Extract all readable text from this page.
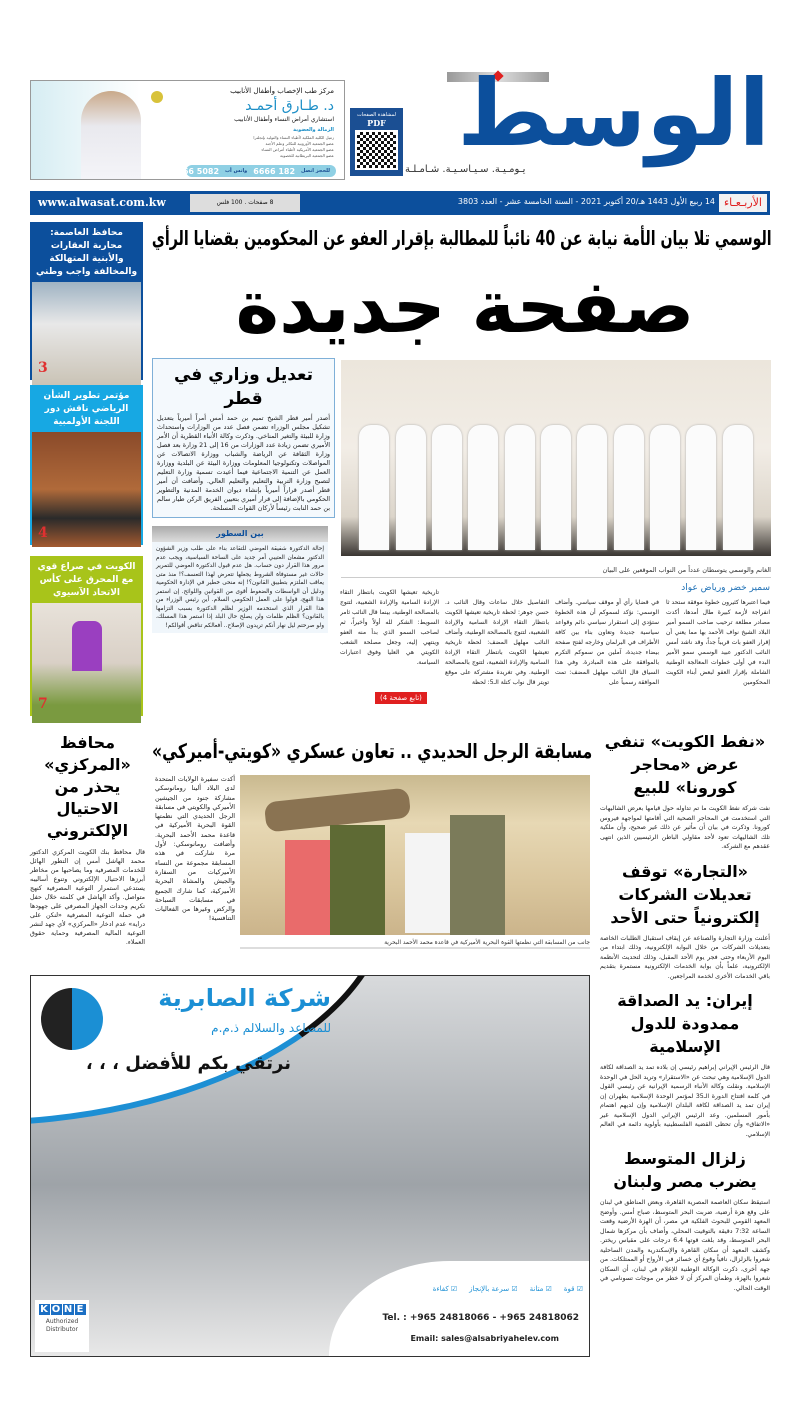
مركز طب الإخصاب وأطفال الأنابيب
د. طـارق أحمـد
استشاري أمراض النساء وأطفال الأنابيب
الزمالة والعضوية
زميل الكلية الملكية لأطباء النساء والتوليد بإنجلترا
عضو الجمعية الأوروبية للتكاثر وعلم الأجنة
عضو الجمعية الأمريكية لأطباء أمراض النساء
عضو الجمعية البريطانية للخصوبة
للحجز اتصل
182 6666
واتس أب
5082 6666
لمشاهدة الصفحات
PDF الوسط
يـومـيـة. سـيـاسـيـة. شـامـلـة
www.alwasat.com.kw	8 صفحات . 100 فلس	14 ربيع الأول 1443 هـ/20 أكتوبر 2021 - السنة الخامسة عشر - العدد 3803 الأربـعـاء
الوسمي تلا بيان الأمة نيابة عن 40 نائباً للمطالبة بإقرار العفو عن المحكومين بقضايا الرأي
صفحة جديدة
محافظ العاصمة: محاربة العقارات والأبنية المتهالكة والمخالفة واجب وطني
3
مؤتمر تطوير الشأن الرياضي ناقش دور اللجنة الأولمبية
4
الكويت في صراع قوي مع المحرق على كأس الاتحاد الآسيوي
7
تعديل وزاري في قطر
أصدر أمير قطر الشيخ تميم بن حمد أمس أمراً أميرياً بتعديل تشكيل مجلس الوزراء تضمن فصل عدد من الوزارات واستحداث وزارة للبيئة والتغير المناخي. وذكرت وكالة الأنباء القطرية أن الأمر الأميري تضمن زيادة عدد الوزارات من 16 إلى 21 وزارة بعد فصل وزارة الثقافة عن الرياضة والشباب ووزارة الاتصالات عن المواصلات وتكنولوجيا المعلومات ووزارة البيئة عن البلدية ووزارة العمل عن التنمية الاجتماعية فيما أعيدت تسمية وزارة التعليم لتصبح وزارة التربية والتعليم والتعليم العالي. وأضافت أن أمير قطر أصدر قراراً أميرياً بإنشاء ديوان الخدمة المدنية والتطوير الحكومي بالإضافة إلى قرار أميري بتعيين الفريق الركن طيار سالم بن حمد النابت رئيساً لأركان القوات المسلحة.
بين السطور
إحالة الدكتورة شفيقة العوضي للتقاعد بناء على طلب وزير الشؤون الدكتور مشعان العتيبي أمر جديد على الساحة السياسية، ويجب عدم مرور هذا القرار دون حساب. هل عدم قبول الدكتورة العوضي للتمرير حالات غير مستوفاة الشروط يجعلها تتعرض لهذا التعسف؟! منذ متى يعاقب الملتزم بتطبيق القانون؟! إنه منحى خطير في الإدارة الحكومية ودليل أن الواسطات والضغوط أقوى من القوانين واللوائح. إن استمر هذا النهج، قولوا على العمل الحكومي السلام. أين رئيس الوزراء من هذا القرار الذي استخدمه الوزير لظلم الدكتورة بسبب التزامها بالقانون؟ الظلم ظلمات ولن يصلح حال البلد إذا استمر هذا المسلك، ولو صرحتم ليل نهار أنكم تريدون الإصلاح.. أفعالكم تناقض أقوالكم!
الغانم والوسمي يتوسطان عدداً من النواب الموقعين على البيان
سمير خضر ورياض عواد
فيما اعتبرها كثيرون خطوة موفقة ستحد ثا انفراجة لأزمة كبيرة طال أمدها، أكدت مصادر مطلعة ترحيب صاحب السمو أمير البلاد الشيخ نواف الأحمد بها مما يعني أن إقرار العفو بات قريباً جداً، وقد ناشد أمس النائب الدكتور عبيد الوسمي سمو الأمير البدء في أولى خطوات المعالجة الوطنية الشاملة بإقرار العفو لبعض أبناء الكويت المحكومين
في قضايا رأي أو موقف سياسي. وأضاف الوسمي: نؤكد لسموكم أن هذه الخطوة ستؤدي إلى استقرار سياسي دائم وقواعد سياسية جديدة وتعاون بناء بين كافة الأطراف في البرلمان وخارجه لفتح صفحة بيضاء جديدة، آملين من سموكم التكرم بالموافقة على هذه المبادرة. وفي هذا السياق قال النائب مهلهل المضف: تمت الموافقة رسمياً على
التفاصيل خلال ساعات وقال النائب د. حسن جوهر: لحظة تاريخية تعيشها الكويت بانتظار التقاء الإرادة السامية والإرادة الشعبية، لتتوج بالمصالحة الوطنية، وأضاف النائب مهلهل المضف: لحظة تاريخية تعيشها الكويت بانتظار التقاء الإرادة السامية والإرادة الشعبية، لتتوج بالمصالحة الوطنية. وفي تغريدة مشتركة على موقع تويتر قال نواب كتلة الـ5: لحظة
تاريخية تعيشها الكويت بانتظار التقاء الإرادة السامية والإرادة الشعبية، لتتوج بالمصالحة الوطنية، بينما قال النائب ثامر السويط: الشكر لله أولاً وأخيراً، ثم لصاحب السمو الذي بدأ منه العفو وينتهي إليه، وجعل مصلحة الشعب الكويتي هي العليا وفوق اعتبارات السياسة.
(تابع صفحة 4)
محافظ «المركزي» يحذر من الاحتيال الإلكتروني
قال محافظ بنك الكويت المركزي الدكتور محمد الهاشل أمس إن التطور الهائل للخدمات المصرفية وما يصاحبها من مخاطر أبرزها الاحتيال الإلكتروني وتنوع أساليبه يستدعي استمرار التوعية المصرفية كنهج متواصل. وأكد الهاشل في كلمته خلال حفل تكريم وحدات الجهاز المصرفي على جهودها في حملة التوعية المصرفية «لنكن على دراية» عدم ادخار «المركزي» لأي جهد لنشر التوعية المالية المصرفية وحماية حقوق العملاء.
مسابقة الرجل الحديدي .. تعاون عسكري «كويتي-أميركي»
أكدت سفيرة الولايات المتحدة لدى البلاد ألينا رومانوسكي مشاركة جنود من الجيشين الأميركي والكويتي في مسابقة الرجل الحديدي التي نظمتها القوة البحرية الأميركية في قاعدة محمد الأحمد البحرية. وأضافت رومانوسكي: لأول مرة شاركت في هذه المسابقة مجموعة من النساء الأميركيات من السفارة والجيش والمشاة البحرية الأميركية، كما شارك الجميع في مسابقات السباحة والركض وغيرها من الفعاليات التنافسية!
جانب من المسابقة التي نظمتها القوة البحرية الأميركية في قاعدة محمد الأحمد البحرية
«نفط الكويت» تنفي عرض «محاجر كورونا» للبيع
نفت شركة نفط الكويت ما تم تداوله حول قيامها بعرض الشاليهات التي استخدمت في المحاجر الصحية التي أقامتها لمواجهة فيروس كورونا. وذكرت في بيان أن مأثير عن ذلك غير صحيح، وأن ملكية تلك الشاليهات تعود لأحد مقاولي الباطن الرئيسيين الذين انتهى عقدهم مع الشركة.
«التجارة» توقف تعديلات الشركات إلكترونياً حتى الأحد
أعلنت وزارة التجارة والصناعة عن إيقاف استقبال الطلبات الخاصة بتعديلات الشركات من خلال البوابة الإلكترونية، وذلك ابتداء من اليوم الأربعاء وحتى فجر يوم الأحد المقبل، وذلك لتحديث الأنظمة الإلكترونية، علماً بأن بوابة الخدمات الإلكترونية مستمرة بتقديم باقي الخدمات الأخرى لخدمة المراجعين.
إيران: يد الصداقة ممدودة للدول الإسلامية
قال الرئيس الإيراني إبراهيم رئيسي إن بلاده تمد يد الصداقة لكافة الدول الإسلامية وهي تبحث عن «الاستقرار» وتريد الحل في الوحدة الإسلامية. ونقلت وكالة الأنباء الرسمية الإيرانية عن رئيسي القول في كلمة افتتاح الدورة الـ35 لمؤتمر الوحدة الإسلامية بطهران إن إيران تمد يد الصداقة لكافة البلدان الإسلامية وإن لديهم اهتمام بأمور المسلمين. وعد الرئيس الإيراني الدول الإسلامية غير «الاتفاق» وأن تحظى القضية الفلسطينية بأولوية دائمة في العالم الإسلامي.
زلزال المتوسط يضرب مصر ولبنان
استيقظ سكان العاصمة المصرية القاهرة، وبعض المناطق في لبنان على وقع هزة أرضية، ضربت البحر المتوسط، صباح أمس. وأوضح المعهد القومي للبحوث الفلكية في مصر، أن الهزة الأرضية وقعت الساعة 7:32 دقيقة بالتوقيت المحلي، وأضاف بأن مركزها شمال البحر المتوسط، وقد بلغت قوتها 6.4 درجات على مقياس ريختر. وكشف المعهد أن سكان القاهرة والإسكندرية والمدن الساحلية شعروا بالزلزال، نافياً وقوع أي خسائر في الأرواح أو الممتلكات. من جهة أخرى، ذكرت الوكالة الوطنية للإعلام في لبنان، أن السكان شعروا بالهزة، وطمأن المركز أن لا خطر من موجات تسونامي في الوقت الحالي.
شركة الصابرية
للمصاعد والسلالم ذ.م.م
نرتقي بكم للأفضل ، ، ،
☑ قوة
☑ متانة
☑ سرعة بالإنجاز
☑ كفاءة
Tel. : +965 24818066 - +965 24818062
Email: sales@alsabriyahelev.com
K O N E
Authorized Distributor
